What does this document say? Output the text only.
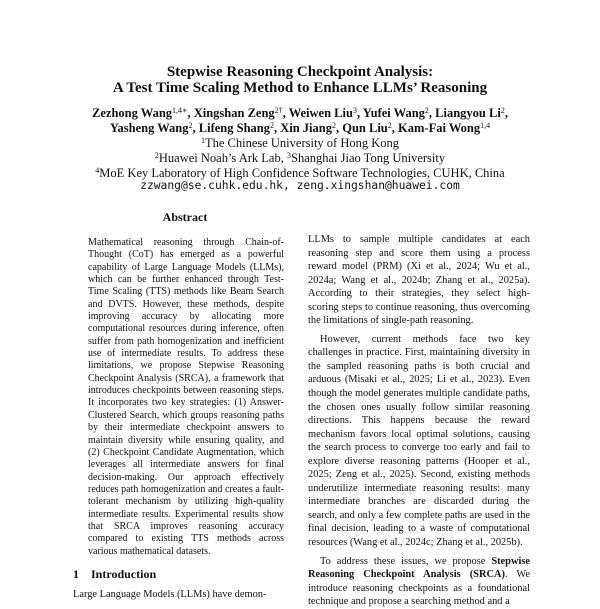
Stepwise Reasoning Checkpoint Analysis:
A Test Time Scaling Method to Enhance LLMs’ Reasoning
Zezhong Wang$^{1,4∗}$, Xingshan Zeng$^{2\dagger}$, Weiwen Liu$^3$, Yufei Wang$^2$, Liangyou Li$^2$,
Yasheng Wang$^2$, Lifeng Shang$^2$, Xin Jiang$^2$, Qun Liu$^2$, Kam-Fai Wong$^{1,4}$
$^1$The Chinese University of Hong Kong
$^2$Huawei Noah’s Ark Lab, $^3$Shanghai Jiao Tong University
$^4$MoE Key Laboratory of High Confidence Software Technologies, CUHK, China
zzwang@se.cuhk.edu.hk, zeng.xingshan@huawei.com
Abstract

Mathematical reasoning through Chain-of-Thought (CoT) has emerged as a powerful capability of Large Language Models (LLMs), which can be further enhanced through Test-Time Scaling (TTS) methods like Beam Search and DVTS. However, these methods, despite improving accuracy by allocating more computational resources during inference, often suffer from path homogenization and inefficient use of intermediate results. To address these limitations, we propose Stepwise Reasoning Checkpoint Analysis (SRCA), a framework that introduces checkpoints between reasoning steps. It incorporates two key strategies: (1) Answer-Clustered Search, which groups reasoning paths by their intermediate checkpoint answers to maintain diversity while ensuring quality, and (2) Checkpoint Candidate Augmentation, which leverages all intermediate answers for final decision-making. Our approach effectively reduces path homogenization and creates a fault-tolerant mechanism by utilizing high-quality intermediate results. Experimental results show that SRCA improves reasoning accuracy compared to existing TTS methods across various mathematical datasets.

LLMs to sample multiple candidates at each reasoning step and score them using a process reward model (PRM) (Xi et al., 2024; Wu et al., 2024a; Wang et al., 2024b; Zhang et al., 2025a). According to their strategies, they select high-scoring steps to continue reasoning, thus overcoming the limitations of single-path reasoning.

However, current methods face two key challenges in practice. First, maintaining diversity in the sampled reasoning paths is both crucial and arduous (Misaki et al., 2025; Li et al., 2023). Even though the model generates multiple candidate paths, the chosen ones usually follow similar reasoning directions. This happens because the reward mechanism favors local optimal solutions, causing the search process to converge too early and fail to explore diverse reasoning patterns (Hooper et al., 2025; Zeng et al., 2025). Second, existing methods underutilize intermediate reasoning results: many intermediate branches are discarded during the search, and only a few complete paths are used in the final decision, leading to a waste of computational resources (Wang et al., 2024c; Zhang et al., 2025b).

To address these issues, we propose Stepwise Reasoning Checkpoint Analysis (SRCA). We introduce reasoning checkpoints as a foundational technique and propose a searching method and a

1 Introduction
Large Language Models (LLMs) have demon-
